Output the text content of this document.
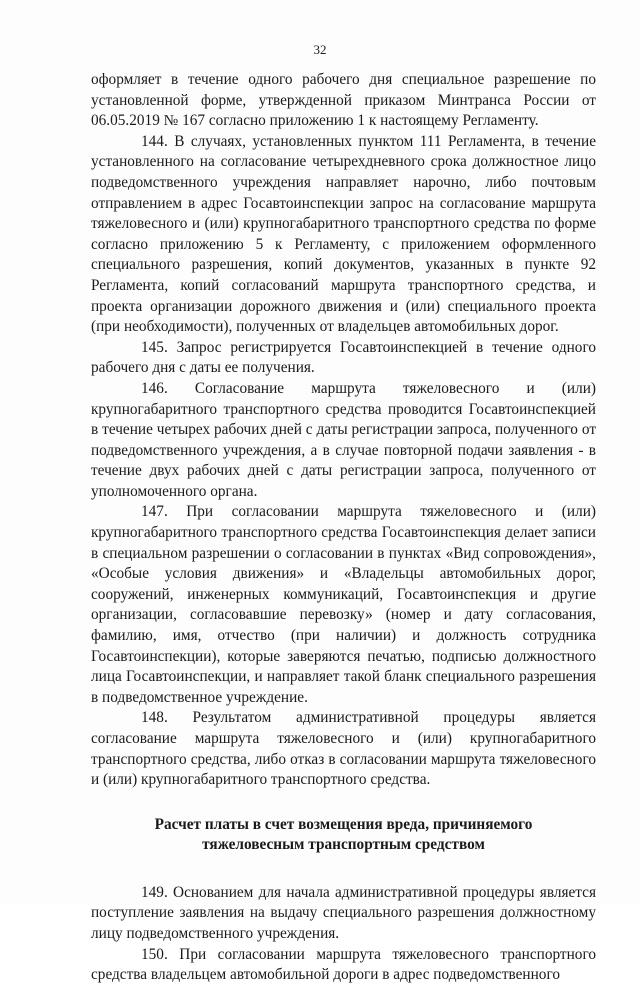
32

оформляет в течение одного рабочего дня специальное разрешение по установленной форме, утвержденной приказом Минтранса России от 06.05.2019 № 167 согласно приложению 1 к настоящему Регламенту.

144. В случаях, установленных пунктом 111 Регламента, в течение установленного на согласование четырехдневного срока должностное лицо подведомственного учреждения направляет нарочно, либо почтовым отправлением в адрес Госавтоинспекции запрос на согласование маршрута тяжеловесного и (или) крупногабаритного транспортного средства по форме согласно приложению 5 к Регламенту, с приложением оформленного специального разрешения, копий документов, указанных в пункте 92 Регламента, копий согласований маршрута транспортного средства, и проекта организации дорожного движения и (или) специального проекта (при необходимости), полученных от владельцев автомобильных дорог.

145. Запрос регистрируется Госавтоинспекцией в течение одного рабочего дня с даты ее получения.

146. Согласование маршрута тяжеловесного и (или) крупногабаритного транспортного средства проводится Госавтоинспекцией в течение четырех рабочих дней с даты регистрации запроса, полученного от подведомственного учреждения, а в случае повторной подачи заявления - в течение двух рабочих дней с даты регистрации запроса, полученного от уполномоченного органа.

147. При согласовании маршрута тяжеловесного и (или) крупногабаритного транспортного средства Госавтоинспекция делает записи в специальном разрешении о согласовании в пунктах «Вид сопровождения», «Особые условия движения» и «Владельцы автомобильных дорог, сооружений, инженерных коммуникаций, Госавтоинспекция и другие организации, согласовавшие перевозку» (номер и дату согласования, фамилию, имя, отчество (при наличии) и должность сотрудника Госавтоинспекции), которые заверяются печатью, подписью должностного лица Госавтоинспекции, и направляет такой бланк специального разрешения в подведомственное учреждение.

148. Результатом административной процедуры является согласование маршрута тяжеловесного и (или) крупногабаритного транспортного средства, либо отказ в согласовании маршрута тяжеловесного и (или) крупногабаритного транспортного средства.

Расчет платы в счет возмещения вреда, причиняемого тяжеловесным транспортным средством

149. Основанием для начала административной процедуры является поступление заявления на выдачу специального разрешения должностному лицу подведомственного учреждения.

150. При согласовании маршрута тяжеловесного транспортного средства владельцем автомобильной дороги в адрес подведомственного
